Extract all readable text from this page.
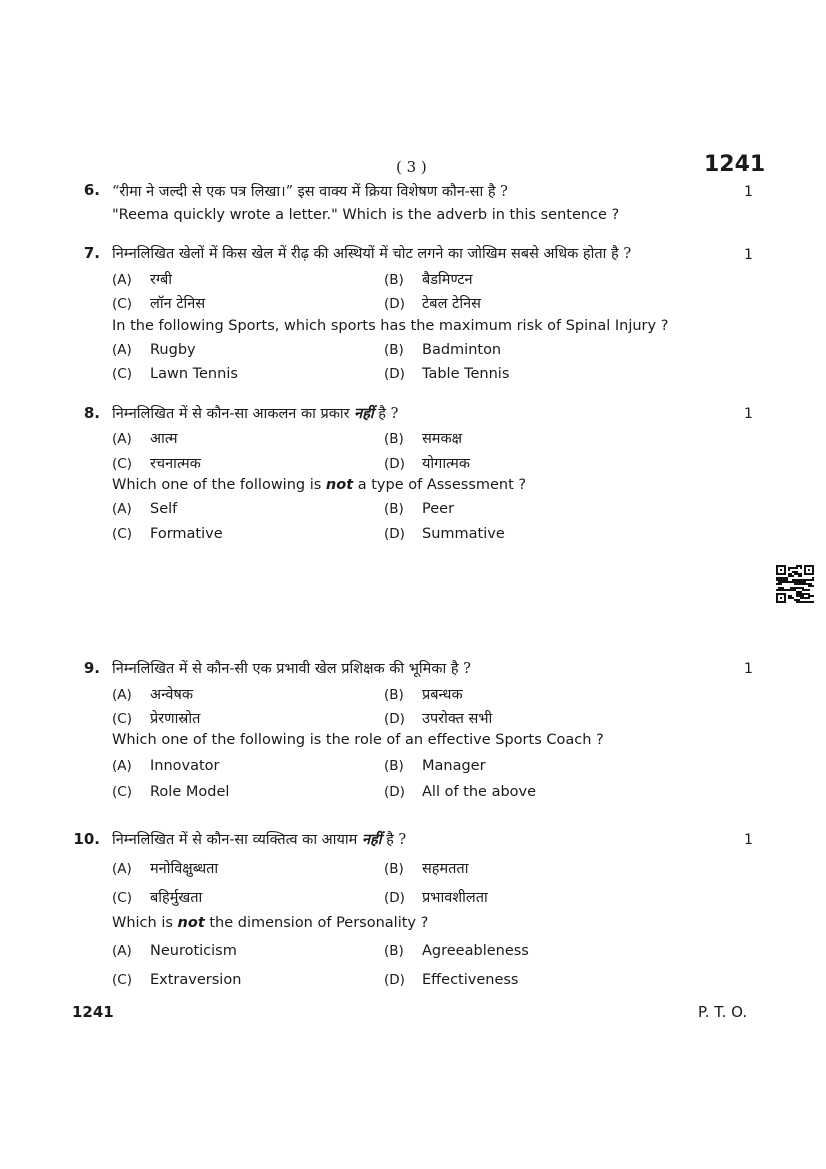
( 3 )	1241
6. “रीमा ने जल्दी से एक पत्र लिखा।” इस वाक्य में क्रिया विशेषण कौन-सा है ?	1
"Reema quickly wrote a letter." Which is the adverb in this sentence ?
7. निम्नलिखित खेलों में किस खेल में रीढ़ की अस्थियों में चोट लगने का जोखिम सबसे अधिक होता है ?	1
(A) रग्बी	(B) बैडमिण्टन
(C) लॉन टेनिस	(D) टेबल टेनिस
In the following Sports, which sports has the maximum risk of Spinal Injury ?
(A) Rugby	(B) Badminton
(C) Lawn Tennis	(D) Table Tennis
8. निम्नलिखित में से कौन-सा आकलन का प्रकार नहीं है ?	1
(A) आत्म	(B) समकक्ष
(C) रचनात्मक	(D) योगात्मक
Which one of the following is not a type of Assessment ?
(A) Self	(B) Peer
(C) Formative	(D) Summative
9. निम्नलिखित में से कौन-सी एक प्रभावी खेल प्रशिक्षक की भूमिका है ?	1
(A) अन्वेषक	(B) प्रबन्धक
(C) प्रेरणास्रोत	(D) उपरोक्त सभी
Which one of the following is the role of an effective Sports Coach ?
(A) Innovator	(B) Manager
(C) Role Model	(D) All of the above
10. निम्नलिखित में से कौन-सा व्यक्तित्व का आयाम नहीं है ?	1
(A) मनोविक्षुब्धता	(B) सहमतता
(C) बहिर्मुखता	(D) प्रभावशीलता
Which is not the dimension of Personality ?
(A) Neuroticism	(B) Agreeableness
(C) Extraversion	(D) Effectiveness
1241	P. T. O.
